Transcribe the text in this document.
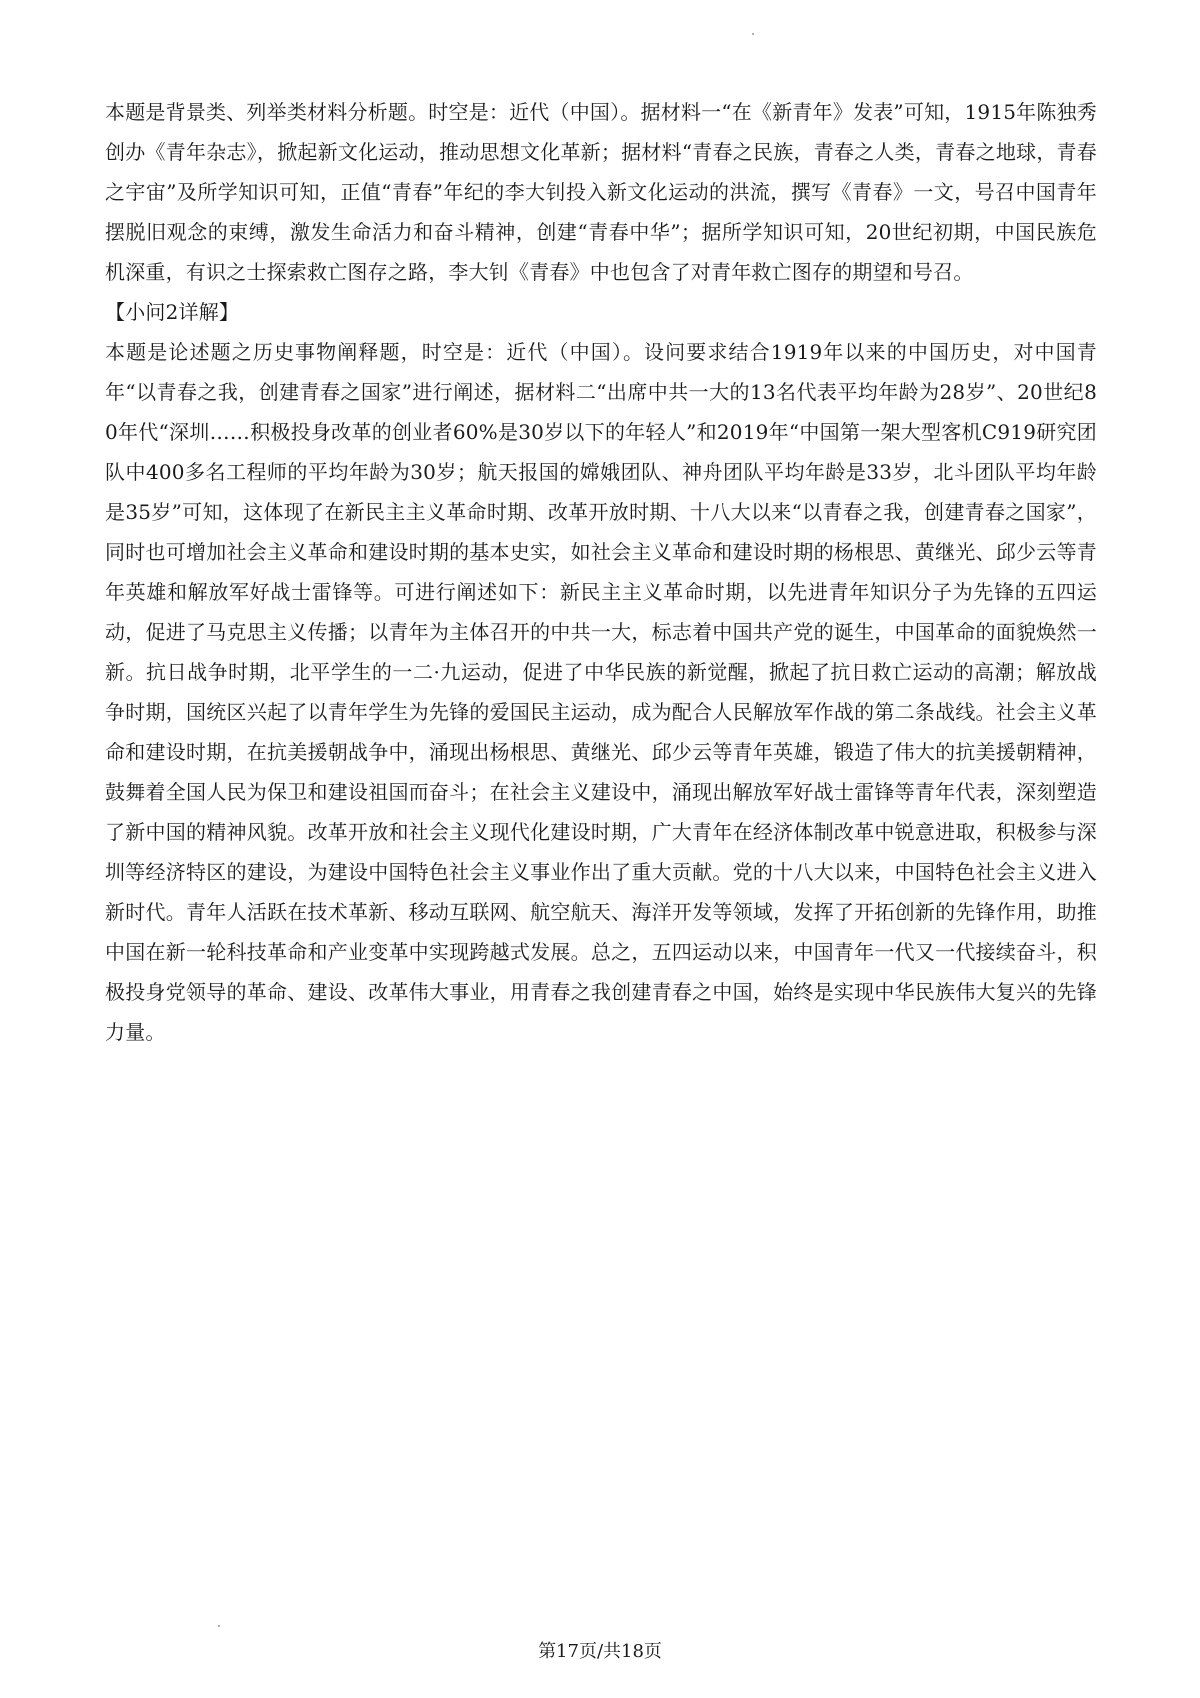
本题是背景类、列举类材料分析题。时空是：近代（中国）。据材料一“在《新青年》发表”可知，1915年陈独秀创办《青年杂志》，掀起新文化运动，推动思想文化革新；据材料“青春之民族，青春之人类，青春之地球，青春之宇宙”及所学知识可知，正值“青春”年纪的李大钊投入新文化运动的洪流，撰写《青春》一文，号召中国青年摆脱旧观念的束缚，激发生命活力和奋斗精神，创建“青春中华”；据所学知识可知，20世纪初期，中国民族危机深重，有识之士探索救亡图存之路，李大钊《青春》中也包含了对青年救亡图存的期望和号召。

【小问2详解】

本题是论述题之历史事物阐释题，时空是：近代（中国）。设问要求结合1919年以来的中国历史，对中国青年“以青春之我，创建青春之国家”进行阐述，据材料二“出席中共一大的13名代表平均年龄为28岁”、20世纪80年代“深圳……积极投身改革的创业者60%是30岁以下的年轻人”和2019年“中国第一架大型客机C919研究团队中400多名工程师的平均年龄为30岁；航天报国的嫦娥团队、神舟团队平均年龄是33岁，北斗团队平均年龄是35岁”可知，这体现了在新民主主义革命时期、改革开放时期、十八大以来“以青春之我，创建青春之国家”，同时也可增加社会主义革命和建设时期的基本史实，如社会主义革命和建设时期的杨根思、黄继光、邱少云等青年英雄和解放军好战士雷锋等。可进行阐述如下：新民主主义革命时期，以先进青年知识分子为先锋的五四运动，促进了马克思主义传播；以青年为主体召开的中共一大，标志着中国共产党的诞生，中国革命的面貌焕然一新。抗日战争时期，北平学生的一二·九运动，促进了中华民族的新觉醒，掀起了抗日救亡运动的高潮；解放战争时期，国统区兴起了以青年学生为先锋的爱国民主运动，成为配合人民解放军作战的第二条战线。社会主义革命和建设时期，在抗美援朝战争中，涌现出杨根思、黄继光、邱少云等青年英雄，锻造了伟大的抗美援朝精神，鼓舞着全国人民为保卫和建设祖国而奋斗；在社会主义建设中，涌现出解放军好战士雷锋等青年代表，深刻塑造了新中国的精神风貌。改革开放和社会主义现代化建设时期，广大青年在经济体制改革中锐意进取，积极参与深圳等经济特区的建设，为建设中国特色社会主义事业作出了重大贡献。党的十八大以来，中国特色社会主义进入新时代。青年人活跃在技术革新、移动互联网、航空航天、海洋开发等领域，发挥了开拓创新的先锋作用，助推中国在新一轮科技革命和产业变革中实现跨越式发展。总之，五四运动以来，中国青年一代又一代接续奋斗，积极投身党领导的革命、建设、改革伟大事业，用青春之我创建青春之中国，始终是实现中华民族伟大复兴的先锋力量。

第17页/共18页
